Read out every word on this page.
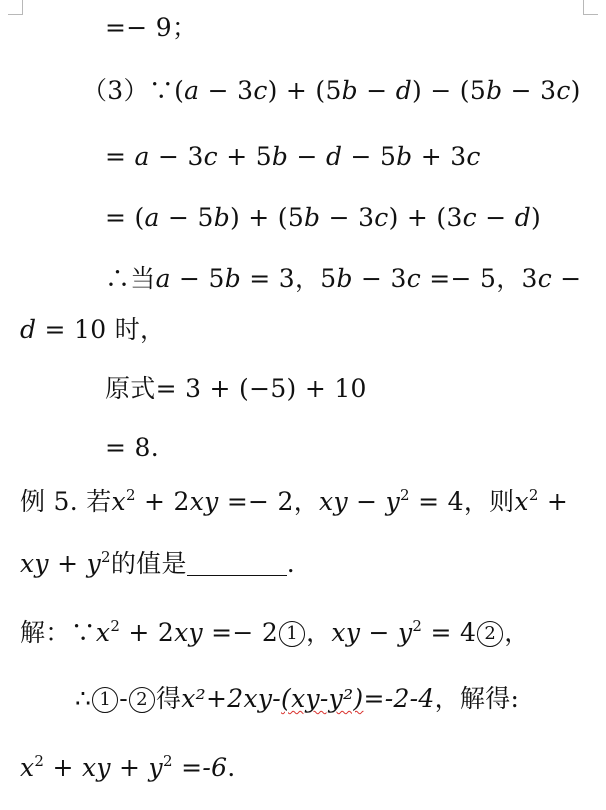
=− 9；
（3）∵(𝑎 − 3𝑐) + (5𝑏 − 𝑑) − (5𝑏 − 3𝑐)
= 𝑎 − 3𝑐 + 5𝑏 − 𝑑 − 5𝑏 + 3𝑐
= (𝑎 − 5𝑏) + (5𝑏 − 3𝑐) + (3𝑐 − 𝑑)
∴当𝑎 − 5𝑏 = 3，5𝑏 − 3𝑐 =− 5，3𝑐 −
𝑑 = 10 时，
原式= 3 + (−5) + 10
= 8.
例 5. 若𝑥$^2$ + 2𝑥𝑦 =− 2，𝑥𝑦 − 𝑦$^2$ = 4，则𝑥$^2$ +
𝑥𝑦 + 𝑦$^2$的值是	.
解：∵𝑥$^2$ + 2𝑥𝑦 =− 2 1 ，𝑥𝑦 − 𝑦$^2$ = 4 2 ，
∴ 1 - 2 得x²+2xy-(xy-y²)=-2-4，解得:
𝑥$^2$ + 𝑥𝑦 + 𝑦$^2$ =-6.
